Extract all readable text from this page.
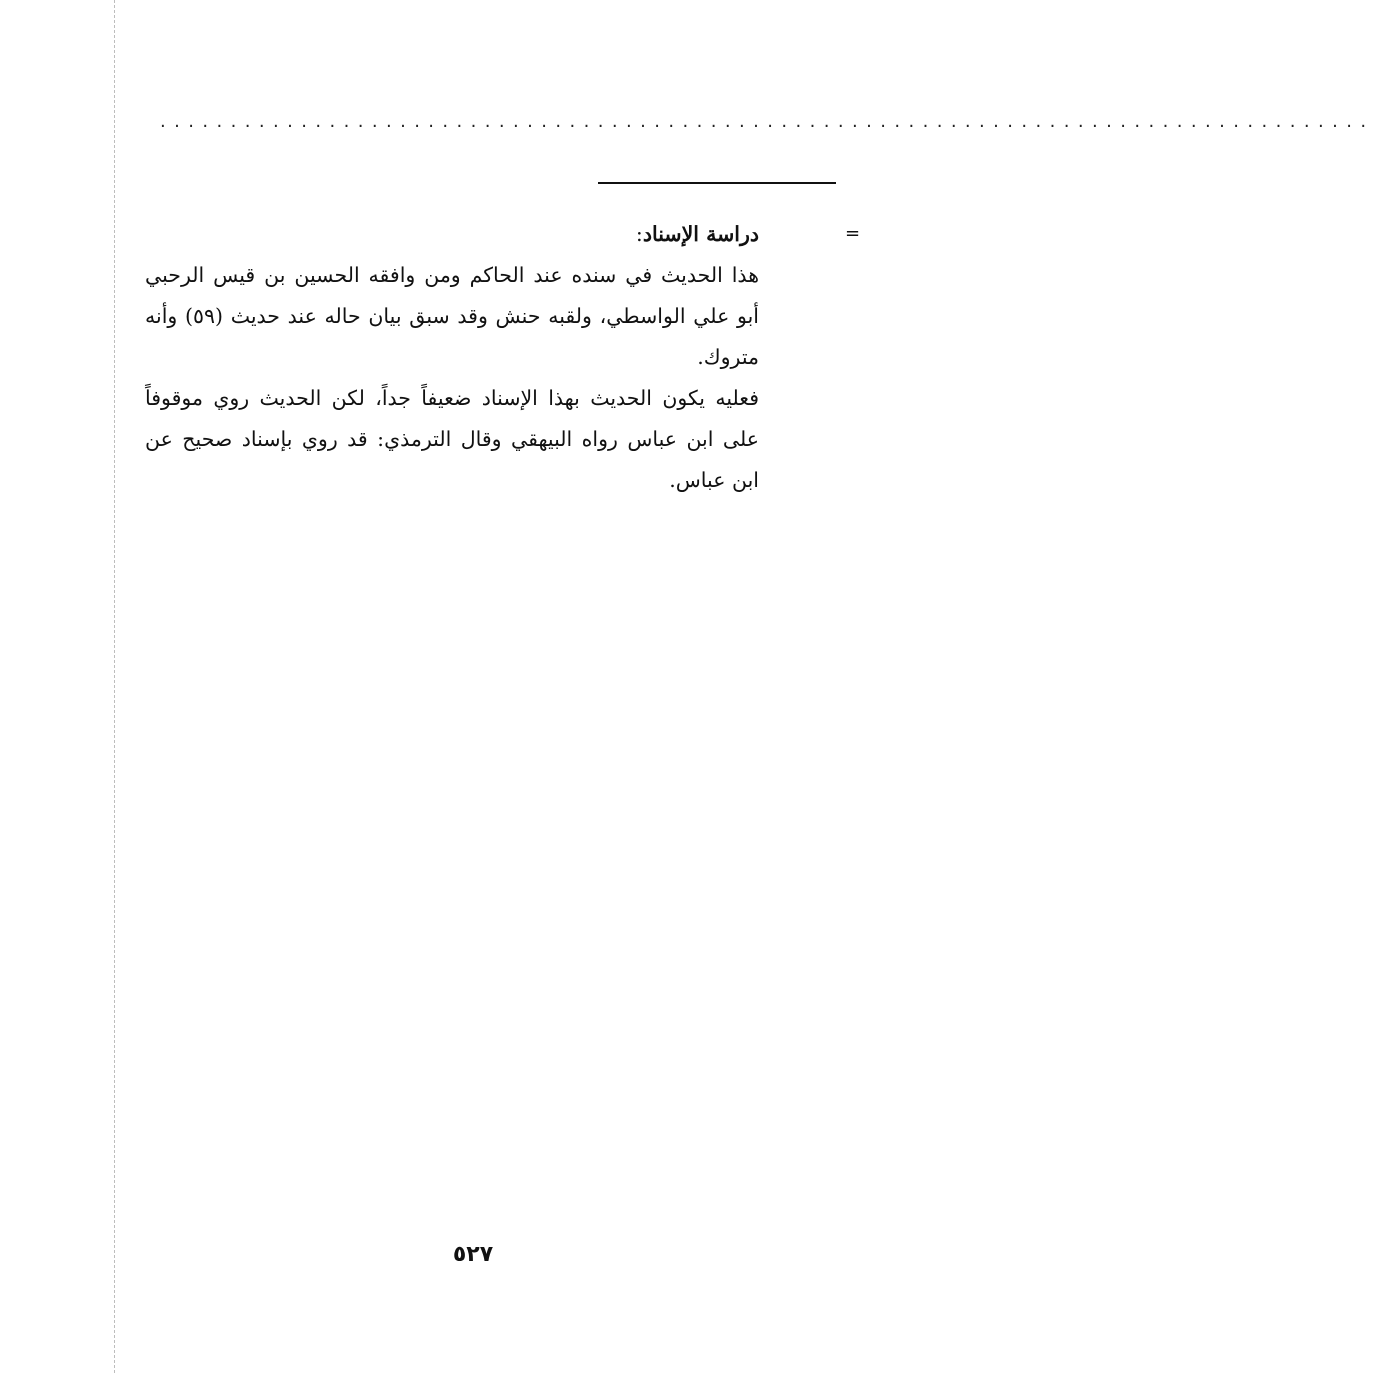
......................................................................................
=
دراسة الإسناد:
هذا الحديث في سنده عند الحاكم ومن وافقه الحسين بن قيس الرحبي
أبو علي الواسطي، ولقبه حنش وقد سبق بيان حاله عند حديث (٥٩) وأنه
متروك.
فعليه يكون الحديث بهذا الإسناد ضعيفاً جداً، لكن الحديث روي موقوفاً
على ابن عباس رواه البيهقي وقال الترمذي: قد روي بإسناد صحيح عن
ابن عباس.
٥٢٧
